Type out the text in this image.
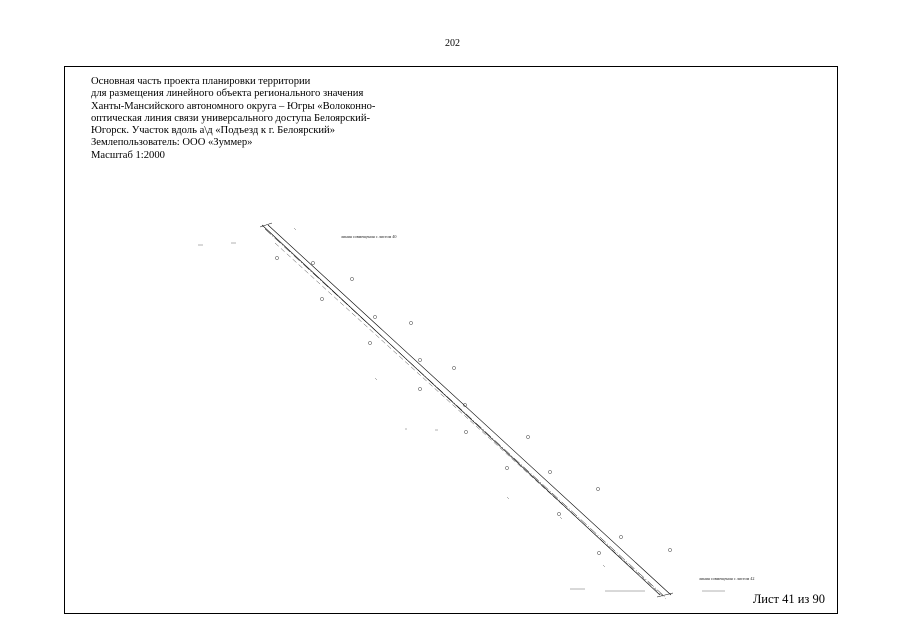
202
Основная часть проекта планировки территории
для размещения линейного объекта регионального значения
Ханты-Мансийского автономного округа – Югры «Волоконно-
оптическая линия связи универсального доступа Белоярский-
Югорск. Участок вдоль а\д «Подъезд к г. Белоярский»
Землепользователь: ООО «Зуммер»
Масштаб 1:2000
линия совмещения с листом 40
линия совмещения с листом 42
Лист 41 из 90
